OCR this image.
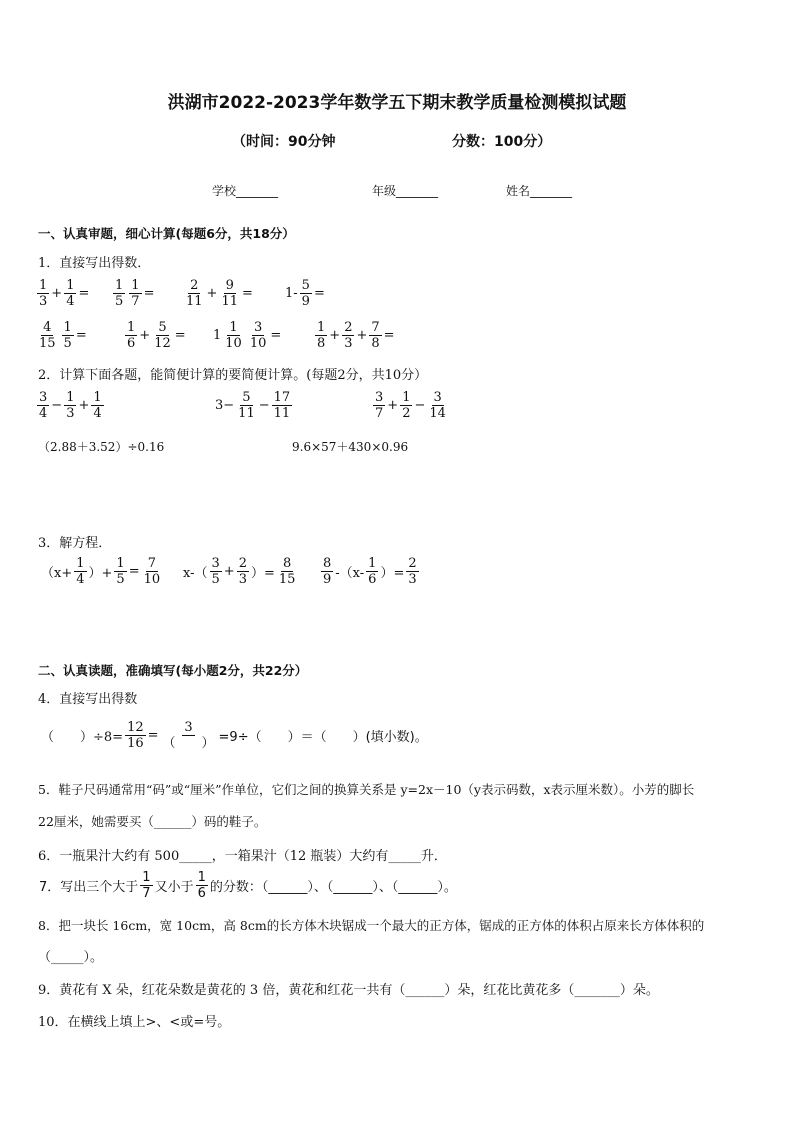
洪湖市2022-2023学年数学五下期末教学质量检测模拟试题
（时间：90分钟	分数：100分）
学校_______	年级_______	姓名_______
一、认真审题，细心计算(每题6分，共18分）
1．直接写出得数．
$\frac{1}{3} + \frac{1}{4} = \frac{1}{5} \frac{1}{7} = \frac{2}{11} + \frac{9}{11} = 1- \frac{5}{9}$ =
$\frac{4}{15} \frac{1}{5}$ =	$\frac{1}{6} + \frac{5}{12} = 1 \frac{1}{10} \frac{3}{10}$ =	$\frac{1}{8} + \frac{2}{3} + \frac{7}{8}$ =
2．计算下面各题，能简便计算的要简便计算。(每题2分，共10分）
$\frac{3}{4} - \frac{1}{3} + \frac{1}{4}$	$3- \frac{5}{11} - \frac{17}{11}$	$\frac{3}{7} + \frac{1}{2} - \frac{3}{14}$
（2.88＋3.52）÷0.16	9.6×57＋430×0.96
3．解方程．
（$x+ \frac{1}{4}$ ）+ $\frac{1}{5} = \frac{7}{10} x-( \frac{3}{5} + \frac{2}{3}$ ）= $\frac{8}{15} \frac{8}{9} -(x- \frac{1}{6}$ ）= $\frac{2}{3}$
二、认真读题，准确填写(每小题2分，共22分）
4．直接写出得数
（　　）$\div 8= \frac{12}{16}$ =
3
（　　） =9÷（　　）＝（　　）(填小数)。
5．鞋子尺码通常用“码”或“厘米”作单位，它们之间的换算关系是 y=2x－10（y表示码数，x表示厘米数）。小芳的脚长
22厘米，她需要买（______）码的鞋子。
6．一瓶果汁大约有 500_____，一箱果汁（12 瓶装）大约有_____升．
7．写出三个大于 $\frac{1}{7}$ 又小于 $\frac{1}{6}$ 的分数：（______）、（______）、（______）。
8．把一块长 16cm，宽 10cm，高 8cm的长方体木块锯成一个最大的正方体，锯成的正方体的体积占原来长方体体积的
（_____）。
9．黄花有 X 朵，红花朵数是黄花的 3 倍，黄花和红花一共有（______）朵，红花比黄花多（_______）朵。
10．在横线上填上>、<或=号。
